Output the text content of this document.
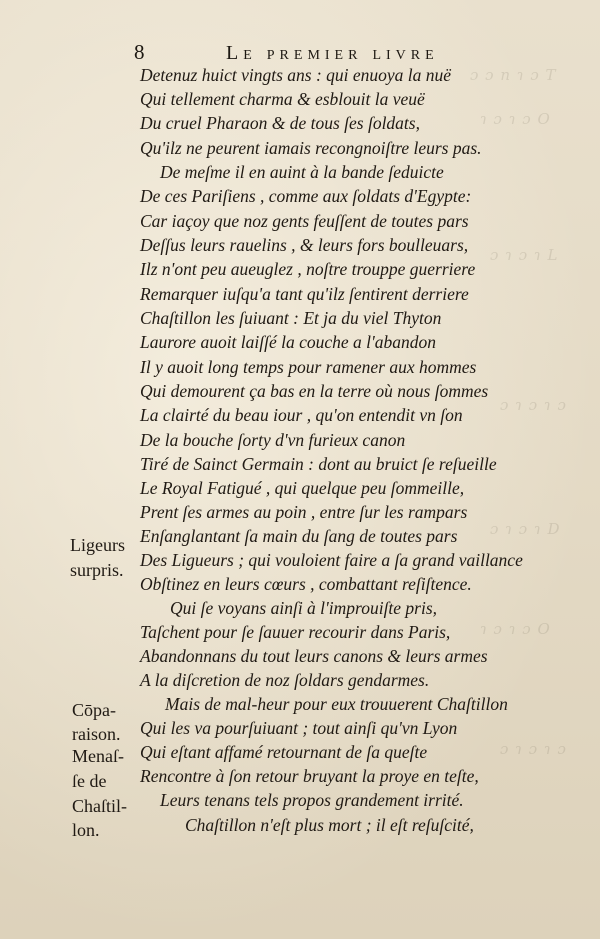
ɔ ɔ n ɿ ɔ T
ɿ ɔ ɿ ɔ O
ɔ ɿ ɔ ɿ L
ɔ ɿ ɔ ɿ ɔ
ɔ ɿ ɔ ɿ D
ɿ ɔ ɿ ɔ O
ɔ ɿ ɔ ɿ ɔ
8	Le premier livre
Ligeurs
surpris.
Cōpa-
raison.
Menaſ-
ſe de
Chaſtil-
lon.
Detenuz huict vingts ans : qui enuoya la nuë
Qui tellement charma & esblouit la veuë
Du cruel Pharaon & de tous ſes ſoldats,
Qu'ilz ne peurent iamais recongnoiſtre leurs pas.
De meſme il en auint à la bande ſeduicte
De ces Pariſiens , comme aux ſoldats d'Egypte:
Car iaçoy que noz gents feuſſent de toutes pars
Deſſus leurs rauelins , & leurs fors boulleuars,
Ilz n'ont peu aueuglez , noſtre trouppe guerriere
Remarquer iuſqu'a tant qu'ilz ſentirent derriere
Chaſtillon les ſuiuant : Et ja du viel Thyton
Laurore auoit laiſſé la couche a l'abandon
Il y auoit long temps pour ramener aux hommes
Qui demourent ça bas en la terre où nous ſommes
La clairté du beau iour , qu'on entendit vn ſon
De la bouche ſorty d'vn furieux canon
Tiré de Sainct Germain : dont au bruict ſe reſueille
Le Royal Fatigué , qui quelque peu ſommeille,
Prent ſes armes au poin , entre ſur les rampars
Enſanglantant ſa main du ſang de toutes pars
Des Ligueurs ; qui vouloient faire a ſa grand vaillance
Obſtinez en leurs cœurs , combattant reſiſtence.
Qui ſe voyans ainſi à l'improuiſte pris,
Taſchent pour ſe ſauuer recourir dans Paris,
Abandonnans du tout leurs canons & leurs armes
A la diſcretion de noz ſoldars gendarmes.
Mais de mal-heur pour eux trouuerent Chaſtillon
Qui les va pourſuiuant ; tout ainſi qu'vn Lyon
Qui eſtant affamé retournant de ſa queſte
Rencontre à ſon retour bruyant la proye en teſte,
Leurs tenans tels propos grandement irrité.
Chaſtillon n'eſt plus mort ; il eſt reſuſcité,
